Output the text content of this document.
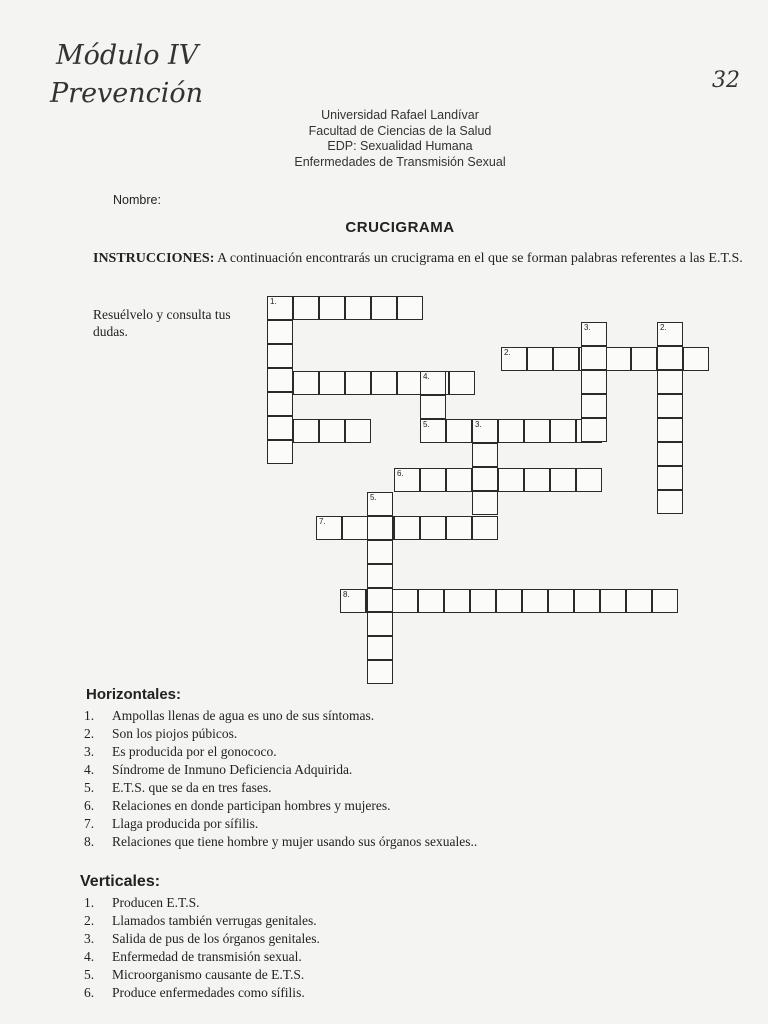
Módulo IV
Prevención	32
Universidad Rafael Landívar
Facultad de Ciencias de la Salud
EDP: Sexualidad Humana
Enfermedades de Transmisión Sexual
Nombre:
CRUCIGRAMA
INSTRUCCIONES: A continuación encontrarás un crucigrama en el que se forman palabras referentes a las E.T.S.
Resuélvelo y consulta tus dudas.
1.
2.
5.	3.
6.
7.
8.
2.
4.
3.
5.
Horizontales:
1. Ampollas llenas de agua es uno de sus síntomas.
2. Son los piojos púbicos.
3. Es producida por el gonococo.
4. Síndrome de Inmuno Deficiencia Adquirida.
5. E.T.S. que se da en tres fases.
6. Relaciones en donde participan hombres y mujeres.
7. Llaga producida por sífilis.
8. Relaciones que tiene hombre y mujer usando sus órganos sexuales..
Verticales:
1. Producen E.T.S.
2. Llamados también verrugas genitales.
3. Salida de pus de los órganos genitales.
4. Enfermedad de transmisión sexual.
5. Microorganismo causante de E.T.S.
6. Produce enfermedades como sífilis.
